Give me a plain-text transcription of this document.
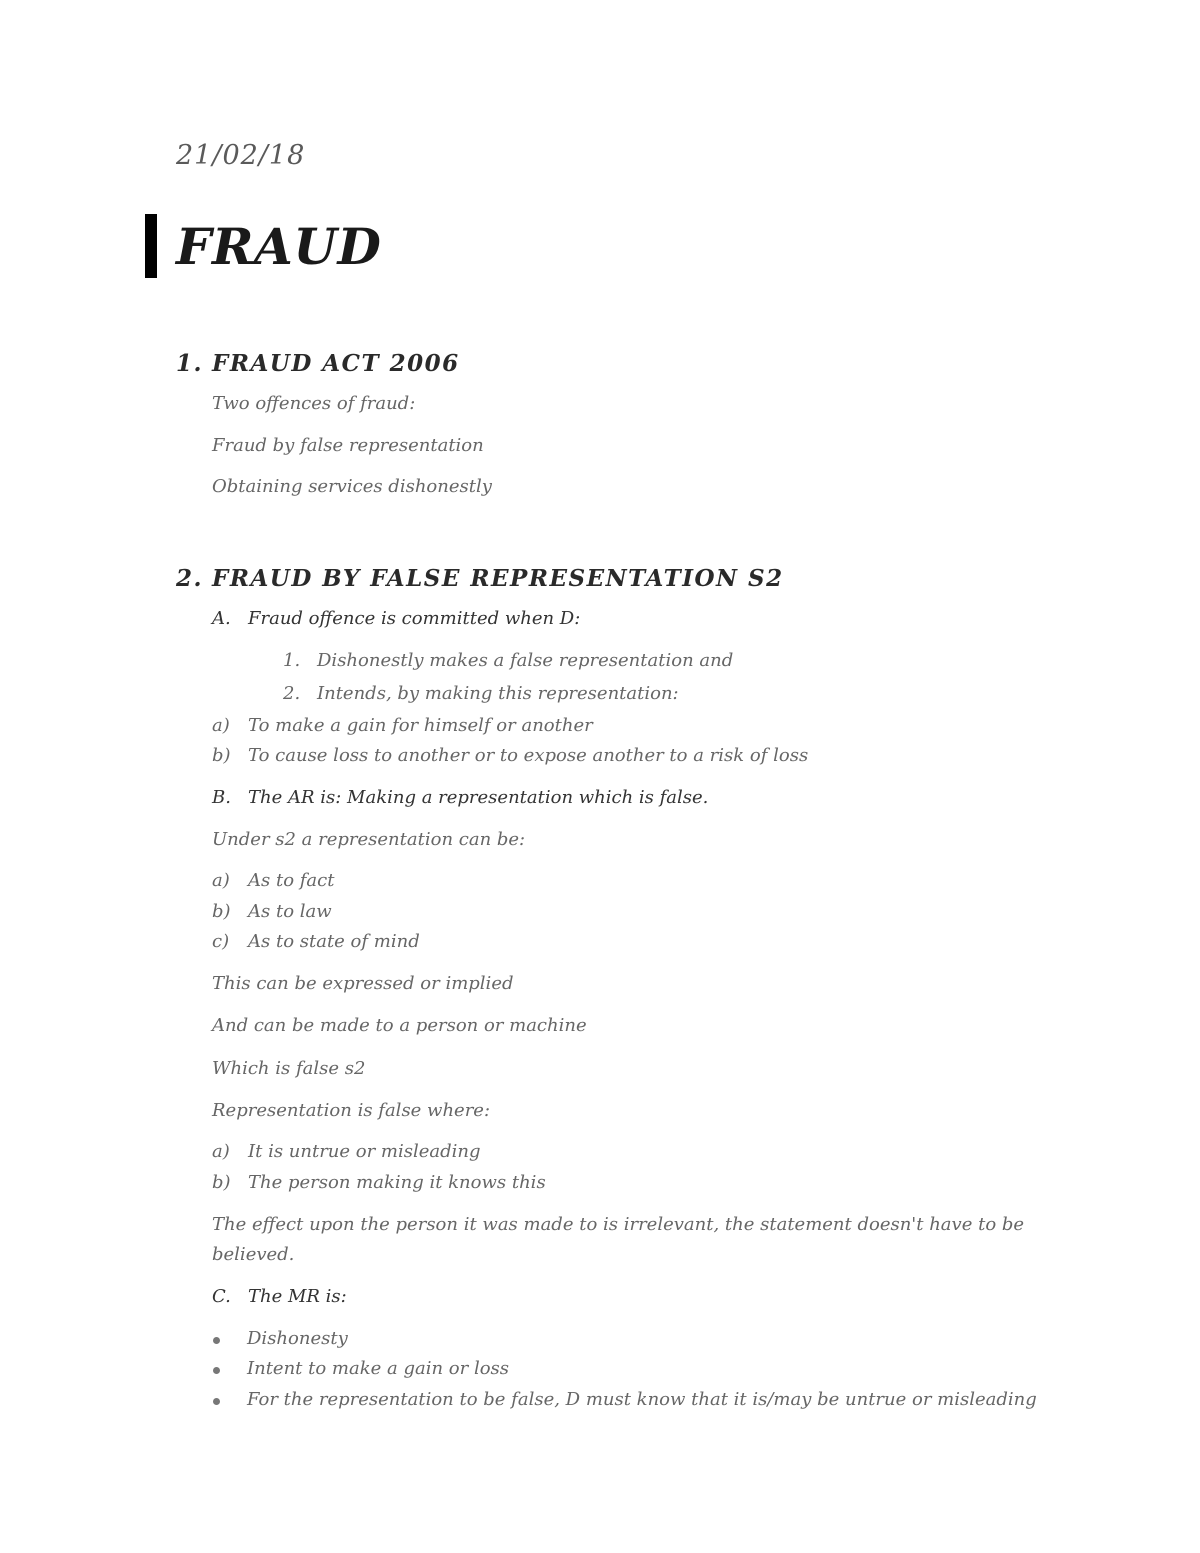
21/02/18

FRAUD
1. FRAUD ACT 2006

Two offences of fraud:

Fraud by false representation

Obtaining services dishonestly

2. FRAUD BY FALSE REPRESENTATION S2

A. Fraud offence is committed when D:

1. Dishonestly makes a false representation and

2. Intends, by making this representation:

a) To make a gain for himself or another

b) To cause loss to another or to expose another to a risk of loss

B. The AR is: Making a representation which is false.

Under s2 a representation can be:

a) As to fact

b) As to law

c) As to state of mind

This can be expressed or implied

And can be made to a person or machine

Which is false s2

Representation is false where:

a) It is untrue or misleading

b) The person making it knows this

The effect upon the person it was made to is irrelevant, the statement doesn't have to be

believed.

C. The MR is:

Dishonesty

Intent to make a gain or loss

For the representation to be false, D must know that it is/may be untrue or misleading
